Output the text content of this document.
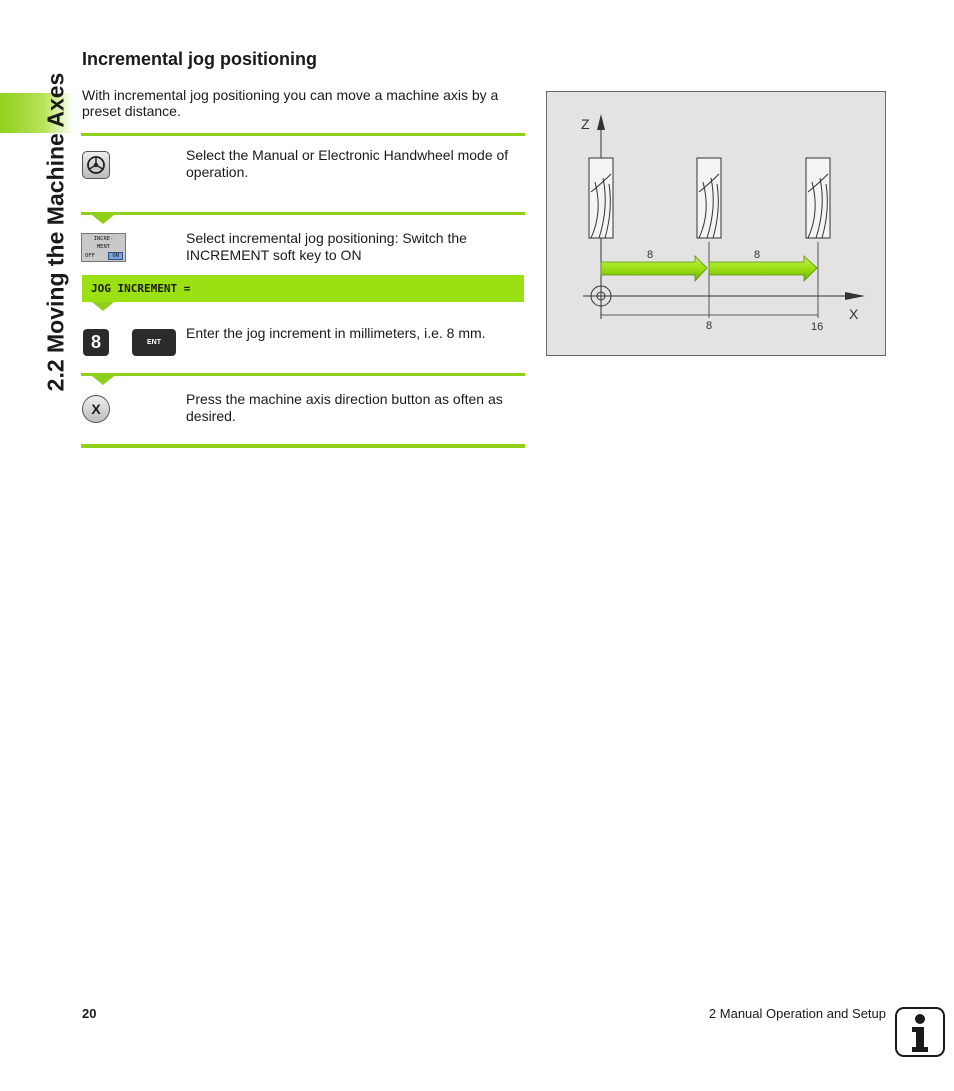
2.2 Moving the Machine Axes
Incremental jog positioning
With incremental jog positioning you can move a machine axis by a preset distance.
Select the Manual or Electronic Handwheel mode of operation.
INCRE-
MENT
OFF	ON
Select incremental jog positioning: Switch the INCREMENT soft key to ON
JOG INCREMENT =
8	ENT
Enter the jog increment in millimeters, i.e. 8 mm.
X
Press the machine axis direction button as often as desired.
Z
X
8	16
8	8
20	2 Manual Operation and Setup
